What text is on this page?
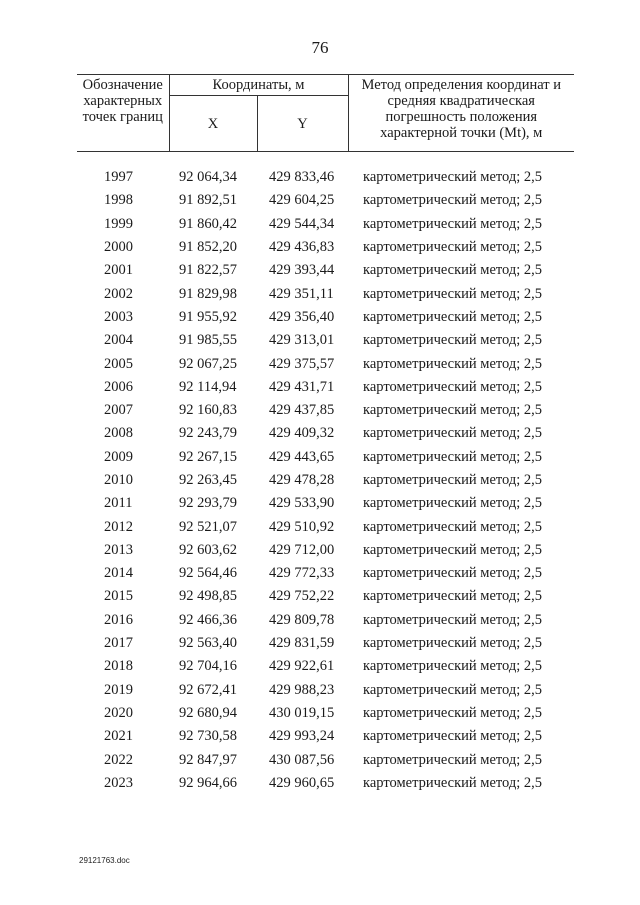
76
Обозначение характерных точек границ	Координаты, м		Метод определения координат и средняя квадратическая погрешность положения характерной точки (Mt), м
	X	Y	

1997	92 064,34	429 833,46	картометрический метод; 2,5
1998	91 892,51	429 604,25	картометрический метод; 2,5
1999	91 860,42	429 544,34	картометрический метод; 2,5
2000	91 852,20	429 436,83	картометрический метод; 2,5
2001	91 822,57	429 393,44	картометрический метод; 2,5
2002	91 829,98	429 351,11	картометрический метод; 2,5
2003	91 955,92	429 356,40	картометрический метод; 2,5
2004	91 985,55	429 313,01	картометрический метод; 2,5
2005	92 067,25	429 375,57	картометрический метод; 2,5
2006	92 114,94	429 431,71	картометрический метод; 2,5
2007	92 160,83	429 437,85	картометрический метод; 2,5
2008	92 243,79	429 409,32	картометрический метод; 2,5
2009	92 267,15	429 443,65	картометрический метод; 2,5
2010	92 263,45	429 478,28	картометрический метод; 2,5
2011	92 293,79	429 533,90	картометрический метод; 2,5
2012	92 521,07	429 510,92	картометрический метод; 2,5
2013	92 603,62	429 712,00	картометрический метод; 2,5
2014	92 564,46	429 772,33	картометрический метод; 2,5
2015	92 498,85	429 752,22	картометрический метод; 2,5
2016	92 466,36	429 809,78	картометрический метод; 2,5
2017	92 563,40	429 831,59	картометрический метод; 2,5
2018	92 704,16	429 922,61	картометрический метод; 2,5
2019	92 672,41	429 988,23	картометрический метод; 2,5
2020	92 680,94	430 019,15	картометрический метод; 2,5
2021	92 730,58	429 993,24	картометрический метод; 2,5
2022	92 847,97	430 087,56	картометрический метод; 2,5
2023	92 964,66	429 960,65	картометрический метод; 2,5
29121763.doc
